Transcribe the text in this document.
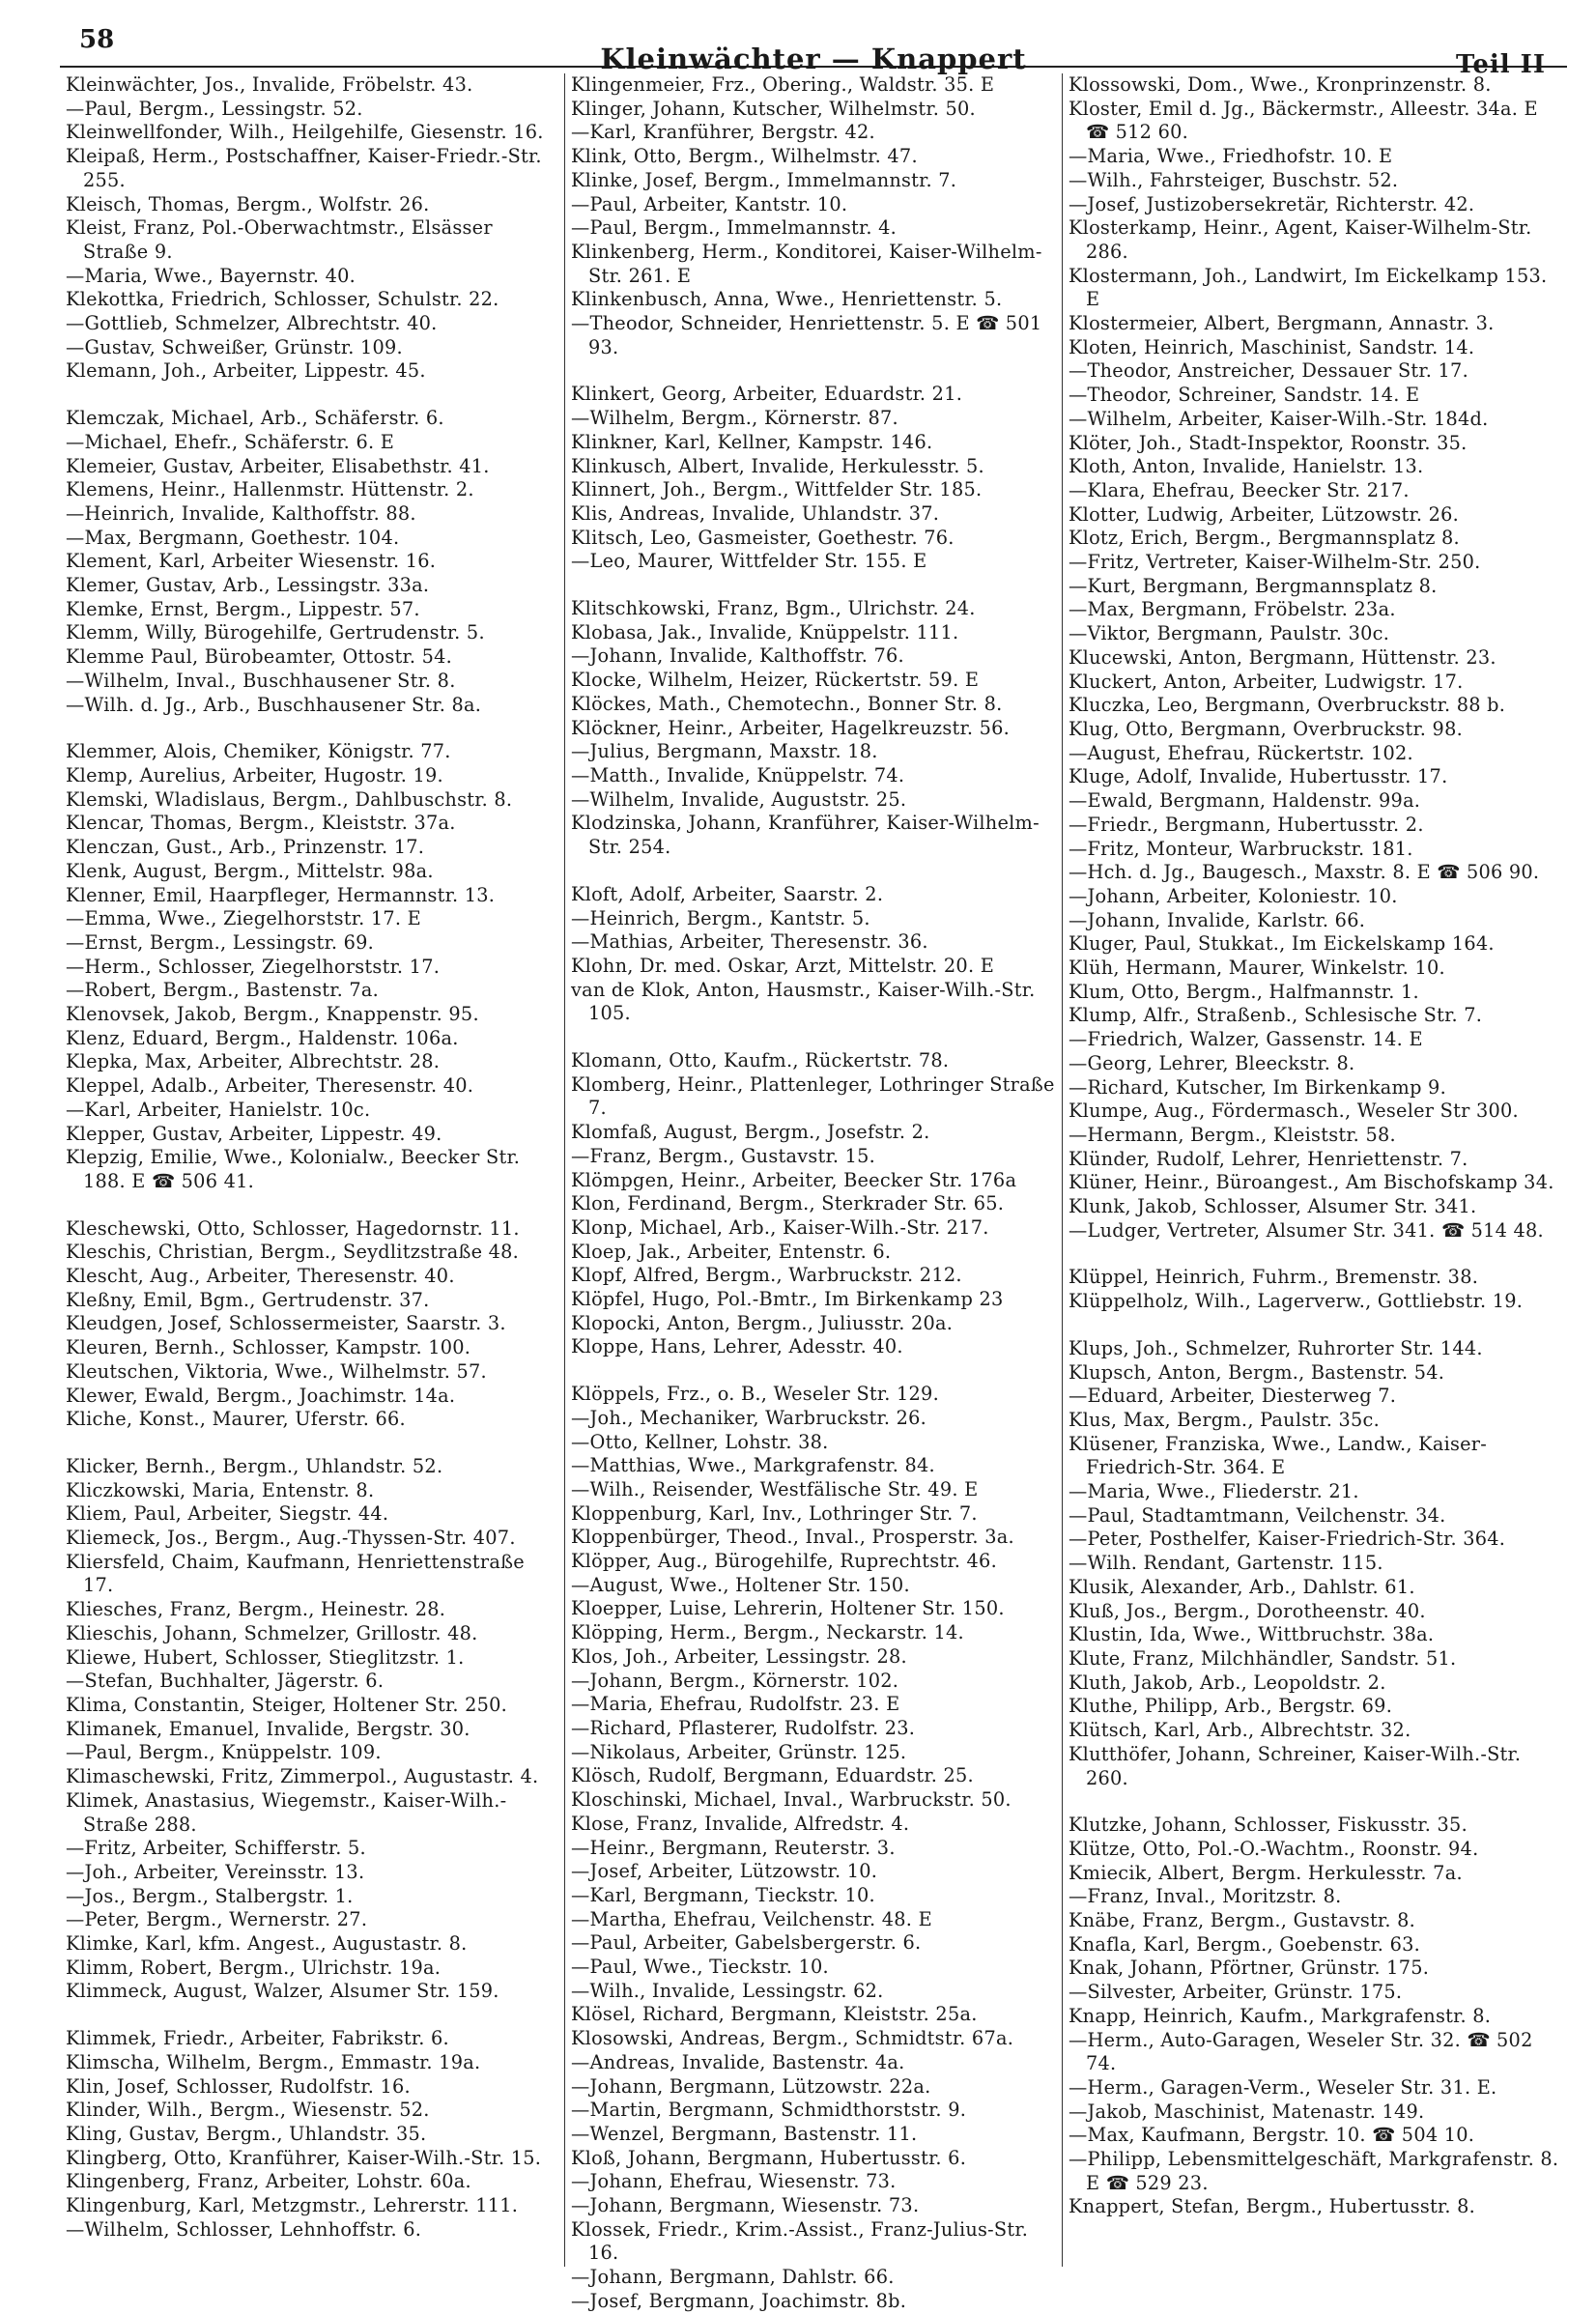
58
Kleinwächter — Knappert	Teil II

Kleinwächter, Jos., Invalide, Fröbelstr. 43.

—Paul, Bergm., Lessingstr. 52.

Kleinwellfonder, Wilh., Heilgehilfe, Giesenstr. 16.

Kleipaß, Herm., Postschaffner, Kaiser-Friedr.-Str. 255.

Kleisch, Thomas, Bergm., Wolfstr. 26.

Kleist, Franz, Pol.-Oberwachtmstr., Elsässer Straße 9.

—Maria, Wwe., Bayernstr. 40.

Klekottka, Friedrich, Schlosser, Schulstr. 22.

—Gottlieb, Schmelzer, Albrechtstr. 40.

—Gustav, Schweißer, Grünstr. 109.

Klemann, Joh., Arbeiter, Lippestr. 45.

Klemczak, Michael, Arb., Schäferstr. 6.

—Michael, Ehefr., Schäferstr. 6. E

Klemeier, Gustav, Arbeiter, Elisabethstr. 41.

Klemens, Heinr., Hallenmstr. Hüttenstr. 2.

—Heinrich, Invalide, Kalthoffstr. 88.

—Max, Bergmann, Goethestr. 104.

Klement, Karl, Arbeiter Wiesenstr. 16.

Klemer, Gustav, Arb., Lessingstr. 33a.

Klemke, Ernst, Bergm., Lippestr. 57.

Klemm, Willy, Bürogehilfe, Gertrudenstr. 5.

Klemme Paul, Bürobeamter, Ottostr. 54.

—Wilhelm, Inval., Buschhausener Str. 8.

—Wilh. d. Jg., Arb., Buschhausener Str. 8a.

Klemmer, Alois, Chemiker, Königstr. 77.

Klemp, Aurelius, Arbeiter, Hugostr. 19.

Klemski, Wladislaus, Bergm., Dahlbuschstr. 8.

Klencar, Thomas, Bergm., Kleiststr. 37a.

Klenczan, Gust., Arb., Prinzenstr. 17.

Klenk, August, Bergm., Mittelstr. 98a.

Klenner, Emil, Haarpfleger, Hermannstr. 13.

—Emma, Wwe., Ziegelhorststr. 17. E

—Ernst, Bergm., Lessingstr. 69.

—Herm., Schlosser, Ziegelhorststr. 17.

—Robert, Bergm., Bastenstr. 7a.

Klenovsek, Jakob, Bergm., Knappenstr. 95.

Klenz, Eduard, Bergm., Haldenstr. 106a.

Klepka, Max, Arbeiter, Albrechtstr. 28.

Kleppel, Adalb., Arbeiter, Theresenstr. 40.

—Karl, Arbeiter, Hanielstr. 10c.

Klepper, Gustav, Arbeiter, Lippestr. 49.

Klepzig, Emilie, Wwe., Kolonialw., Beecker Str. 188. E ☎ 506 41.

Kleschewski, Otto, Schlosser, Hagedornstr. 11.

Kleschis, Christian, Bergm., Seydlitzstraße 48.

Klescht, Aug., Arbeiter, Theresenstr. 40.

Kleßny, Emil, Bgm., Gertrudenstr. 37.

Kleudgen, Josef, Schlossermeister, Saarstr. 3.

Kleuren, Bernh., Schlosser, Kampstr. 100.

Kleutschen, Viktoria, Wwe., Wilhelmstr. 57.

Klewer, Ewald, Bergm., Joachimstr. 14a.

Kliche, Konst., Maurer, Uferstr. 66.

Klicker, Bernh., Bergm., Uhlandstr. 52.

Kliczkowski, Maria, Entenstr. 8.

Kliem, Paul, Arbeiter, Siegstr. 44.

Kliemeck, Jos., Bergm., Aug.-Thyssen-Str. 407.

Kliersfeld, Chaim, Kaufmann, Henriettenstraße 17.

Kliesches, Franz, Bergm., Heinestr. 28.

Klieschis, Johann, Schmelzer, Grillostr. 48.

Kliewe, Hubert, Schlosser, Stieglitzstr. 1.

—Stefan, Buchhalter, Jägerstr. 6.

Klima, Constantin, Steiger, Holtener Str. 250.

Klimanek, Emanuel, Invalide, Bergstr. 30.

—Paul, Bergm., Knüppelstr. 109.

Klimaschewski, Fritz, Zimmerpol., Augustastr. 4.

Klimek, Anastasius, Wiegemstr., Kaiser-Wilh.-Straße 288.

—Fritz, Arbeiter, Schifferstr. 5.

—Joh., Arbeiter, Vereinsstr. 13.

—Jos., Bergm., Stalbergstr. 1.

—Peter, Bergm., Wernerstr. 27.

Klimke, Karl, kfm. Angest., Augustastr. 8.

Klimm, Robert, Bergm., Ulrichstr. 19a.

Klimmeck, August, Walzer, Alsumer Str. 159.

Klimmek, Friedr., Arbeiter, Fabrikstr. 6.

Klimscha, Wilhelm, Bergm., Emmastr. 19a.

Klin, Josef, Schlosser, Rudolfstr. 16.

Klinder, Wilh., Bergm., Wiesenstr. 52.

Kling, Gustav, Bergm., Uhlandstr. 35.

Klingberg, Otto, Kranführer, Kaiser-Wilh.-Str. 15.

Klingenberg, Franz, Arbeiter, Lohstr. 60a.

Klingenburg, Karl, Metzgmstr., Lehrerstr. 111.

—Wilhelm, Schlosser, Lehnhoffstr. 6.

Klingenmeier, Frz., Obering., Waldstr. 35. E

Klinger, Johann, Kutscher, Wilhelmstr. 50.

—Karl, Kranführer, Bergstr. 42.

Klink, Otto, Bergm., Wilhelmstr. 47.

Klinke, Josef, Bergm., Immelmannstr. 7.

—Paul, Arbeiter, Kantstr. 10.

—Paul, Bergm., Immelmannstr. 4.

Klinkenberg, Herm., Konditorei, Kaiser-Wilhelm-Str. 261. E

Klinkenbusch, Anna, Wwe., Henriettenstr. 5.

—Theodor, Schneider, Henriettenstr. 5. E ☎ 501 93.

Klinkert, Georg, Arbeiter, Eduardstr. 21.

—Wilhelm, Bergm., Körnerstr. 87.

Klinkner, Karl, Kellner, Kampstr. 146.

Klinkusch, Albert, Invalide, Herkulesstr. 5.

Klinnert, Joh., Bergm., Wittfelder Str. 185.

Klis, Andreas, Invalide, Uhlandstr. 37.

Klitsch, Leo, Gasmeister, Goethestr. 76.

—Leo, Maurer, Wittfelder Str. 155. E

Klitschkowski, Franz, Bgm., Ulrichstr. 24.

Klobasa, Jak., Invalide, Knüppelstr. 111.

—Johann, Invalide, Kalthoffstr. 76.

Klocke, Wilhelm, Heizer, Rückertstr. 59. E

Klöckes, Math., Chemotechn., Bonner Str. 8.

Klöckner, Heinr., Arbeiter, Hagelkreuzstr. 56.

—Julius, Bergmann, Maxstr. 18.

—Matth., Invalide, Knüppelstr. 74.

—Wilhelm, Invalide, Auguststr. 25.

Klodzinska, Johann, Kranführer, Kaiser-Wilhelm-Str. 254.

Kloft, Adolf, Arbeiter, Saarstr. 2.

—Heinrich, Bergm., Kantstr. 5.

—Mathias, Arbeiter, Theresenstr. 36.

Klohn, Dr. med. Oskar, Arzt, Mittelstr. 20. E

van de Klok, Anton, Hausmstr., Kaiser-Wilh.-Str. 105.

Klomann, Otto, Kaufm., Rückertstr. 78.

Klomberg, Heinr., Plattenleger, Lothringer Straße 7.

Klomfaß, August, Bergm., Josefstr. 2.

—Franz, Bergm., Gustavstr. 15.

Klömpgen, Heinr., Arbeiter, Beecker Str. 176a

Klon, Ferdinand, Bergm., Sterkrader Str. 65.

Klonp, Michael, Arb., Kaiser-Wilh.-Str. 217.

Kloep, Jak., Arbeiter, Entenstr. 6.

Klopf, Alfred, Bergm., Warbruckstr. 212.

Klöpfel, Hugo, Pol.-Bmtr., Im Birkenkamp 23

Klopocki, Anton, Bergm., Juliusstr. 20a.

Kloppe, Hans, Lehrer, Adesstr. 40.

Klöppels, Frz., o. B., Weseler Str. 129.

—Joh., Mechaniker, Warbruckstr. 26.

—Otto, Kellner, Lohstr. 38.

—Matthias, Wwe., Markgrafenstr. 84.

—Wilh., Reisender, Westfälische Str. 49. E

Kloppenburg, Karl, Inv., Lothringer Str. 7.

Kloppenbürger, Theod., Inval., Prosperstr. 3a.

Klöpper, Aug., Bürogehilfe, Ruprechtstr. 46.

—August, Wwe., Holtener Str. 150.

Kloepper, Luise, Lehrerin, Holtener Str. 150.

Klöpping, Herm., Bergm., Neckarstr. 14.

Klos, Joh., Arbeiter, Lessingstr. 28.

—Johann, Bergm., Körnerstr. 102.

—Maria, Ehefrau, Rudolfstr. 23. E

—Richard, Pflasterer, Rudolfstr. 23.

—Nikolaus, Arbeiter, Grünstr. 125.

Klösch, Rudolf, Bergmann, Eduardstr. 25.

Kloschinski, Michael, Inval., Warbruckstr. 50.

Klose, Franz, Invalide, Alfredstr. 4.

—Heinr., Bergmann, Reuterstr. 3.

—Josef, Arbeiter, Lützowstr. 10.

—Karl, Bergmann, Tieckstr. 10.

—Martha, Ehefrau, Veilchenstr. 48. E

—Paul, Arbeiter, Gabelsbergerstr. 6.

—Paul, Wwe., Tieckstr. 10.

—Wilh., Invalide, Lessingstr. 62.

Klösel, Richard, Bergmann, Kleiststr. 25a.

Klosowski, Andreas, Bergm., Schmidtstr. 67a.

—Andreas, Invalide, Bastenstr. 4a.

—Johann, Bergmann, Lützowstr. 22a.

—Martin, Bergmann, Schmidthorststr. 9.

—Wenzel, Bergmann, Bastenstr. 11.

Kloß, Johann, Bergmann, Hubertusstr. 6.

—Johann, Ehefrau, Wiesenstr. 73.

—Johann, Bergmann, Wiesenstr. 73.

Klossek, Friedr., Krim.-Assist., Franz-Julius-Str. 16.

—Johann, Bergmann, Dahlstr. 66.

—Josef, Bergmann, Joachimstr. 8b.

Klossowski, Dom., Wwe., Kronprinzenstr. 8.

Kloster, Emil d. Jg., Bäckermstr., Alleestr. 34a. E ☎ 512 60.

—Maria, Wwe., Friedhofstr. 10. E

—Wilh., Fahrsteiger, Buschstr. 52.

—Josef, Justizobersekretär, Richterstr. 42.

Klosterkamp, Heinr., Agent, Kaiser-Wilhelm-Str. 286.

Klostermann, Joh., Landwirt, Im Eickelkamp 153. E

Klostermeier, Albert, Bergmann, Annastr. 3.

Kloten, Heinrich, Maschinist, Sandstr. 14.

—Theodor, Anstreicher, Dessauer Str. 17.

—Theodor, Schreiner, Sandstr. 14. E

—Wilhelm, Arbeiter, Kaiser-Wilh.-Str. 184d.

Klöter, Joh., Stadt-Inspektor, Roonstr. 35.

Kloth, Anton, Invalide, Hanielstr. 13.

—Klara, Ehefrau, Beecker Str. 217.

Klotter, Ludwig, Arbeiter, Lützowstr. 26.

Klotz, Erich, Bergm., Bergmannsplatz 8.

—Fritz, Vertreter, Kaiser-Wilhelm-Str. 250.

—Kurt, Bergmann, Bergmannsplatz 8.

—Max, Bergmann, Fröbelstr. 23a.

—Viktor, Bergmann, Paulstr. 30c.

Klucewski, Anton, Bergmann, Hüttenstr. 23.

Kluckert, Anton, Arbeiter, Ludwigstr. 17.

Kluczka, Leo, Bergmann, Overbruckstr. 88 b.

Klug, Otto, Bergmann, Overbruckstr. 98.

—August, Ehefrau, Rückertstr. 102.

Kluge, Adolf, Invalide, Hubertusstr. 17.

—Ewald, Bergmann, Haldenstr. 99a.

—Friedr., Bergmann, Hubertusstr. 2.

—Fritz, Monteur, Warbruckstr. 181.

—Hch. d. Jg., Baugesch., Maxstr. 8. E ☎ 506 90.

—Johann, Arbeiter, Koloniestr. 10.

—Johann, Invalide, Karlstr. 66.

Kluger, Paul, Stukkat., Im Eickelskamp 164.

Klüh, Hermann, Maurer, Winkelstr. 10.

Klum, Otto, Bergm., Halfmannstr. 1.

Klump, Alfr., Straßenb., Schlesische Str. 7.

—Friedrich, Walzer, Gassenstr. 14. E

—Georg, Lehrer, Bleeckstr. 8.

—Richard, Kutscher, Im Birkenkamp 9.

Klumpe, Aug., Fördermasch., Weseler Str 300.

—Hermann, Bergm., Kleiststr. 58.

Klünder, Rudolf, Lehrer, Henriettenstr. 7.

Klüner, Heinr., Büroangest., Am Bischofskamp 34.

Klunk, Jakob, Schlosser, Alsumer Str. 341.

—Ludger, Vertreter, Alsumer Str. 341. ☎ 514 48.

Klüppel, Heinrich, Fuhrm., Bremenstr. 38.

Klüppelholz, Wilh., Lagerverw., Gottliebstr. 19.

Klups, Joh., Schmelzer, Ruhrorter Str. 144.

Klupsch, Anton, Bergm., Bastenstr. 54.

—Eduard, Arbeiter, Diesterweg 7.

Klus, Max, Bergm., Paulstr. 35c.

Klüsener, Franziska, Wwe., Landw., Kaiser-Friedrich-Str. 364. E

—Maria, Wwe., Fliederstr. 21.

—Paul, Stadtamtmann, Veilchenstr. 34.

—Peter, Posthelfer, Kaiser-Friedrich-Str. 364.

—Wilh. Rendant, Gartenstr. 115.

Klusik, Alexander, Arb., Dahlstr. 61.

Kluß, Jos., Bergm., Dorotheenstr. 40.

Klustin, Ida, Wwe., Wittbruchstr. 38a.

Klute, Franz, Milchhändler, Sandstr. 51.

Kluth, Jakob, Arb., Leopoldstr. 2.

Kluthe, Philipp, Arb., Bergstr. 69.

Klütsch, Karl, Arb., Albrechtstr. 32.

Klutthöfer, Johann, Schreiner, Kaiser-Wilh.-Str. 260.

Klutzke, Johann, Schlosser, Fiskusstr. 35.

Klütze, Otto, Pol.-O.-Wachtm., Roonstr. 94.

Kmiecik, Albert, Bergm. Herkulesstr. 7a.

—Franz, Inval., Moritzstr. 8.

Knäbe, Franz, Bergm., Gustavstr. 8.

Knafla, Karl, Bergm., Goebenstr. 63.

Knak, Johann, Pförtner, Grünstr. 175.

—Silvester, Arbeiter, Grünstr. 175.

Knapp, Heinrich, Kaufm., Markgrafenstr. 8.

—Herm., Auto-Garagen, Weseler Str. 32. ☎ 502 74.

—Herm., Garagen-Verm., Weseler Str. 31. E.

—Jakob, Maschinist, Matenastr. 149.

—Max, Kaufmann, Bergstr. 10. ☎ 504 10.

—Philipp, Lebensmittelgeschäft, Markgrafenstr. 8. E ☎ 529 23.

Knappert, Stefan, Bergm., Hubertusstr. 8.
